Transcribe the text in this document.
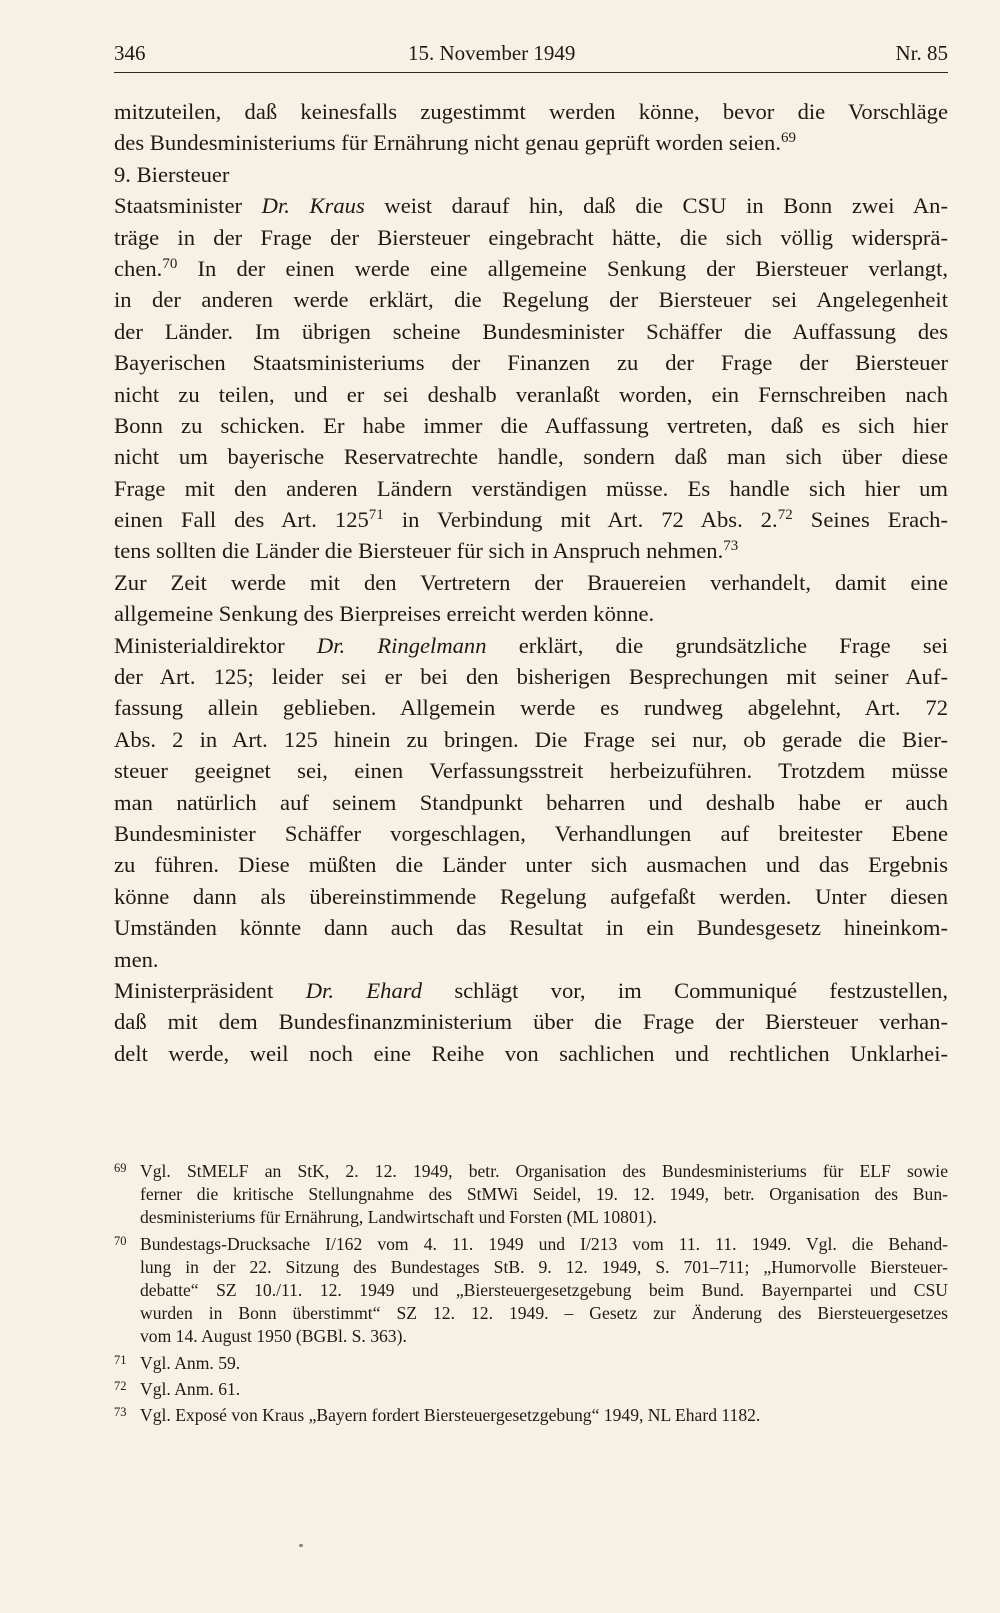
346	15. November 1949	Nr. 85
mitzuteilen, daß keinesfalls zugestimmt werden könne, bevor die Vorschläge
des Bundesministeriums für Ernährung nicht genau geprüft worden seien.$^{69}$
9. Biersteuer
Staatsminister Dr. Kraus weist darauf hin, daß die CSU in Bonn zwei An-
träge in der Frage der Biersteuer eingebracht hätte, die sich völlig widersprä-
chen.$^{70}$ In der einen werde eine allgemeine Senkung der Biersteuer verlangt,
in der anderen werde erklärt, die Regelung der Biersteuer sei Angelegenheit
der Länder. Im übrigen scheine Bundesminister Schäffer die Auffassung des
Bayerischen Staatsministeriums der Finanzen zu der Frage der Biersteuer
nicht zu teilen, und er sei deshalb veranlaßt worden, ein Fernschreiben nach
Bonn zu schicken. Er habe immer die Auffassung vertreten, daß es sich hier
nicht um bayerische Reservatrechte handle, sondern daß man sich über diese
Frage mit den anderen Ländern verständigen müsse. Es handle sich hier um
einen Fall des Art. $125^{71}$ in Verbindung mit Art. 72 Abs. 2.72 Seines Erach-
tens sollten die Länder die Biersteuer für sich in Anspruch nehmen.$^{73}$
Zur Zeit werde mit den Vertretern der Brauereien verhandelt, damit eine
allgemeine Senkung des Bierpreises erreicht werden könne.
Ministerialdirektor Dr. Ringelmann erklärt, die grundsätzliche Frage sei
der Art. 125; leider sei er bei den bisherigen Besprechungen mit seiner Auf-
fassung allein geblieben. Allgemein werde es rundweg abgelehnt, Art. 72
Abs. 2 in Art. 125 hinein zu bringen. Die Frage sei nur, ob gerade die Bier-
steuer geeignet sei, einen Verfassungsstreit herbeizuführen. Trotzdem müsse
man natürlich auf seinem Standpunkt beharren und deshalb habe er auch
Bundesminister Schäffer vorgeschlagen, Verhandlungen auf breitester Ebene
zu führen. Diese müßten die Länder unter sich ausmachen und das Ergebnis
könne dann als übereinstimmende Regelung aufgefaßt werden. Unter diesen
Umständen könnte dann auch das Resultat in ein Bundesgesetz hineinkom-
men.
Ministerpräsident Dr. Ehard schlägt vor, im Communiqué festzustellen,
daß mit dem Bundesfinanzministerium über die Frage der Biersteuer verhan-
delt werde, weil noch eine Reihe von sachlichen und rechtlichen Unklarhei-
69 Vgl. StMELF an StK, 2. 12. 1949, betr. Organisation des Bundesministeriums für ELF sowie
ferner die kritische Stellungnahme des StMWi Seidel, 19. 12. 1949, betr. Organisation des Bun-
desministeriums für Ernährung, Landwirtschaft und Forsten (ML 10801).
70 Bundestags-Drucksache I/162 vom 4. 11. 1949 und I/213 vom 11. 11. 1949. Vgl. die Behand-
lung in der 22. Sitzung des Bundestages StB. 9. 12. 1949, S. 701–711; „Humorvolle Biersteuer-
debatte“ SZ 10./11. 12. 1949 und „Biersteuergesetzgebung beim Bund. Bayernpartei und CSU
wurden in Bonn überstimmt“ SZ 12. 12. 1949. – Gesetz zur Änderung des Biersteuergesetzes
vom 14. August 1950 (BGBl. S. 363).
71 Vgl. Anm. 59.
72 Vgl. Anm. 61.
73 Vgl. Exposé von Kraus „Bayern fordert Biersteuergesetzgebung“ 1949, NL Ehard 1182.
